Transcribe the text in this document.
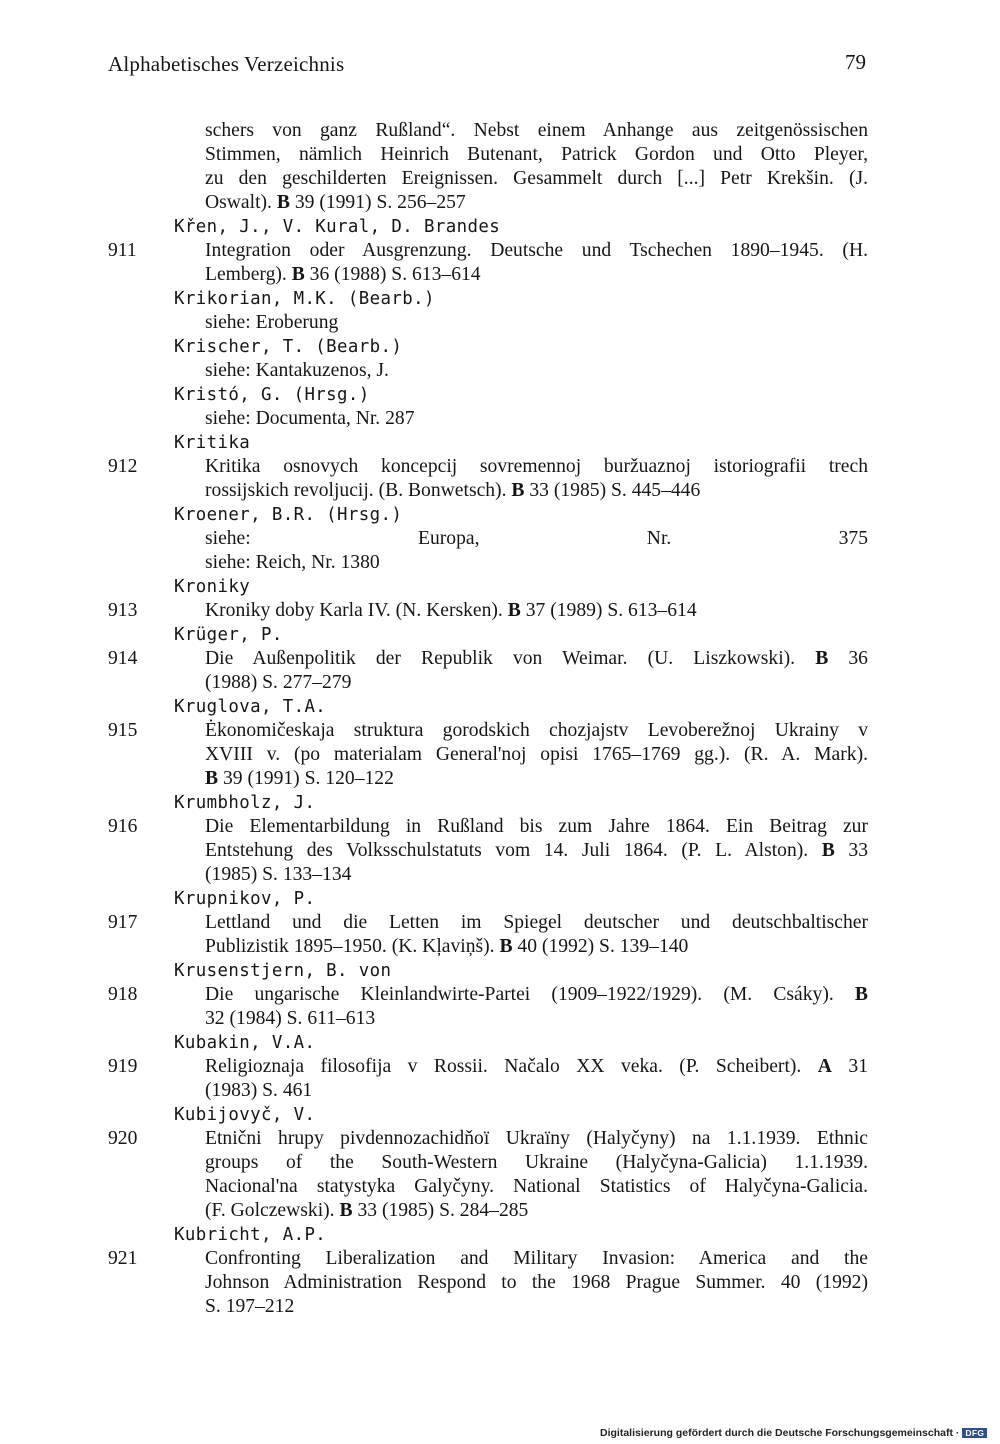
Alphabetisches Verzeichnis	79
schers von ganz Rußland“. Nebst einem Anhange aus zeitgenössischen
Stimmen, nämlich Heinrich Butenant, Patrick Gordon und Otto Pleyer,
zu den geschilderten Ereignissen. Gesammelt durch [...] Petr Krekšin. (J.
Oswalt). B 39 (1991) S. 256–257
Křen, J., V. Kural, D. Brandes
911	Integration oder Ausgrenzung. Deutsche und Tschechen 1890–1945. (H.
Lemberg). B 36 (1988) S. 613–614
Krikorian, M.K. (Bearb.)
siehe: Eroberung
Krischer, T. (Bearb.)
siehe: Kantakuzenos, J.
Kristó, G. (Hrsg.)
siehe: Documenta, Nr. 287
Kritika
912	Kritika osnovych koncepcij sovremennoj buržuaznoj istoriografii trech
rossijskich revoljucij. (B. Bonwetsch). B 33 (1985) S. 445–446
Kroener, B.R. (Hrsg.)
siehe: Europa, Nr. 375
siehe: Reich, Nr. 1380
Kroniky
913	Kroniky doby Karla IV. (N. Kersken). B 37 (1989) S. 613–614
Krüger, P.
914	Die Außenpolitik der Republik von Weimar. (U. Liszkowski). B 36
(1988) S. 277–279
Kruglova, T.A.
915	Ėkonomičeskaja struktura gorodskich chozjajstv Levoberežnoj Ukrainy v
XVIII v. (po materialam General'noj opisi 1765–1769 gg.). (R. A. Mark).
B 39 (1991) S. 120–122
Krumbholz, J.
916	Die Elementarbildung in Rußland bis zum Jahre 1864. Ein Beitrag zur
Entstehung des Volksschulstatuts vom 14. Juli 1864. (P. L. Alston). B 33
(1985) S. 133–134
Krupnikov, P.
917	Lettland und die Letten im Spiegel deutscher und deutschbaltischer
Publizistik 1895–1950. (K. Kļaviņš). B 40 (1992) S. 139–140
Krusenstjern, B. von
918	Die ungarische Kleinlandwirte-Partei (1909–1922/1929). (M. Csáky). B
32 (1984) S. 611–613
Kubakin, V.A.
919	Religioznaja filosofija v Rossii. Načalo XX veka. (P. Scheibert). A 31
(1983) S. 461
Kubijovyč, V.
920	Etnični hrupy pivdennozachidňoï Ukraïny (Halyčyny) na 1.1.1939. Ethnic
groups of the South-Western Ukraine (Halyčyna-Galicia) 1.1.1939.
Nacional'na statystyka Galyčyny. National Statistics of Halyčyna-Galicia.
(F. Golczewski). B 33 (1985) S. 284–285
Kubricht, A.P.
921	Confronting Liberalization and Military Invasion: America and the
Johnson Administration Respond to the 1968 Prague Summer. 40 (1992)
S. 197–212
Digitalisierung gefördert durch die Deutsche Forschungsgemeinschaft · DFG
